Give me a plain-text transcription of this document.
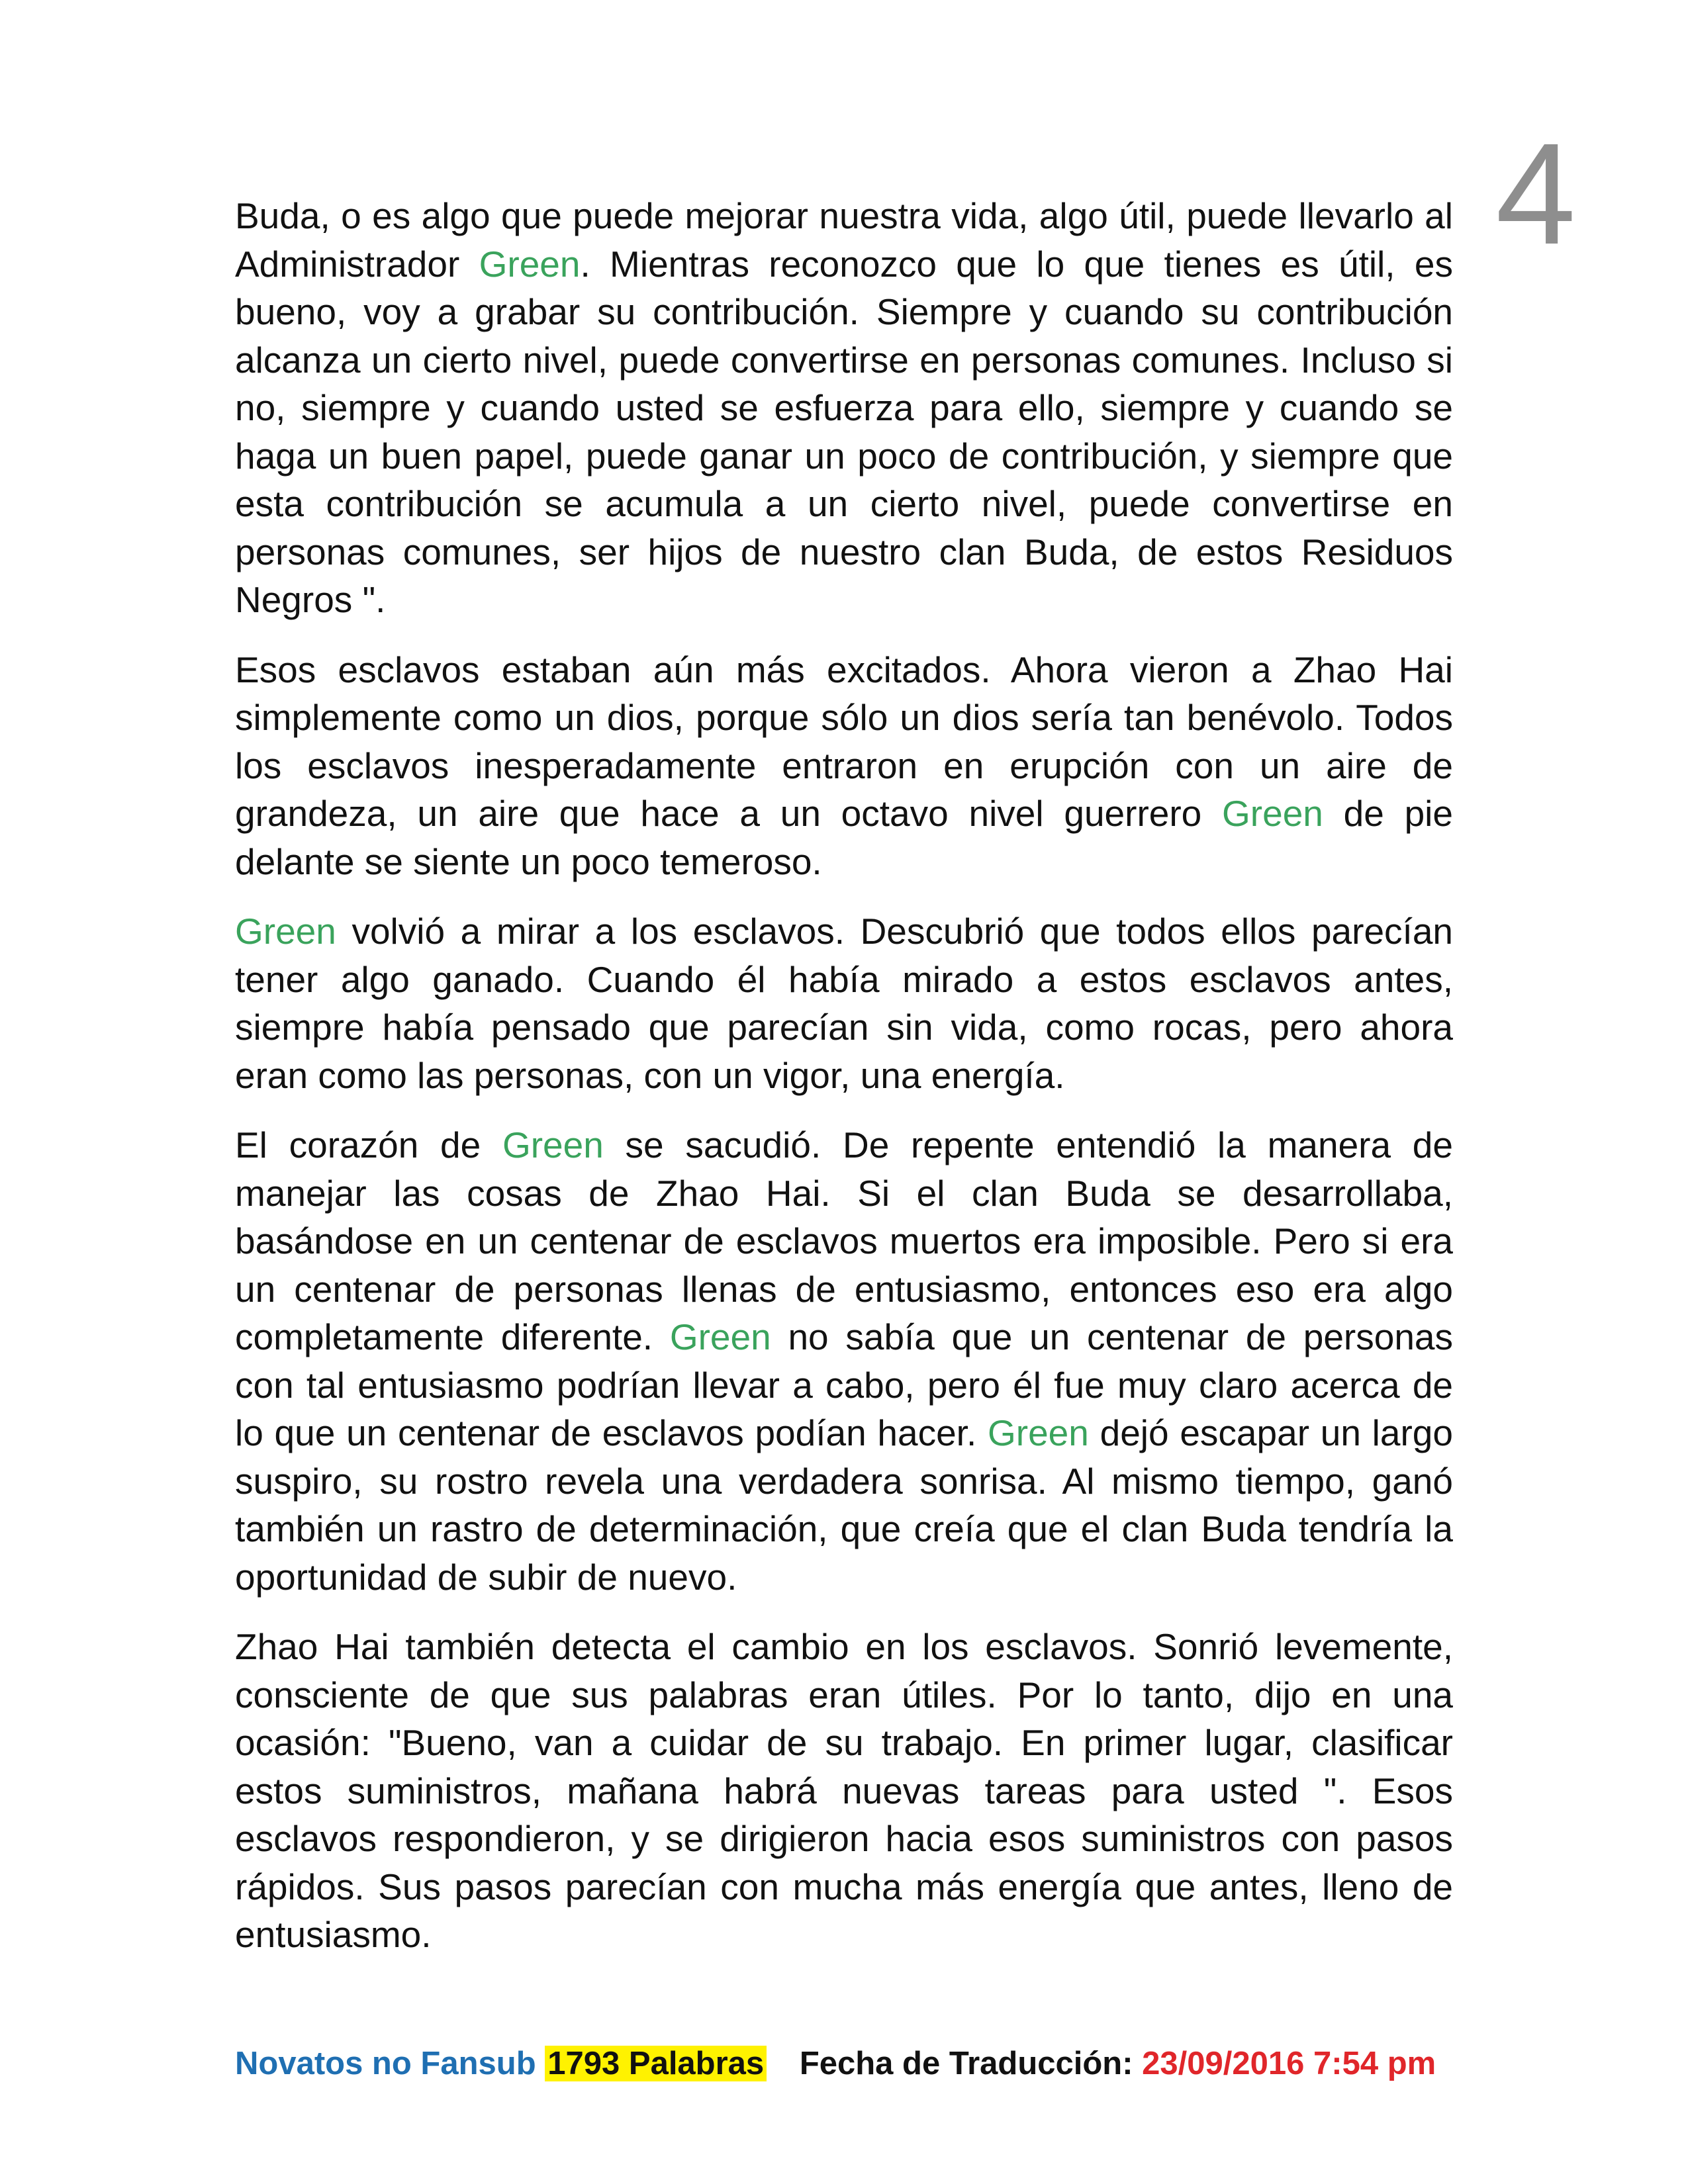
4

Buda, o es algo que puede mejorar nuestra vida, algo útil, puede llevarlo al Administrador Green. Mientras reconozco que lo que tienes es útil, es bueno, voy a grabar su contribución. Siempre y cuando su contribución alcanza un cierto nivel, puede convertirse en personas comunes. Incluso si no, siempre y cuando usted se esfuerza para ello, siempre y cuando se haga un buen papel, puede ganar un poco de contribución, y siempre que esta contribución se acumula a un cierto nivel, puede convertirse en personas comunes, ser hijos de nuestro clan Buda, de estos Residuos Negros ".

Esos esclavos estaban aún más excitados. Ahora vieron a Zhao Hai simplemente como un dios, porque sólo un dios sería tan benévolo. Todos los esclavos inesperadamente entraron en erupción con un aire de grandeza, un aire que hace a un octavo nivel guerrero Green de pie delante se siente un poco temeroso.

Green volvió a mirar a los esclavos. Descubrió que todos ellos parecían tener algo ganado. Cuando él había mirado a estos esclavos antes, siempre había pensado que parecían sin vida, como rocas, pero ahora eran como las personas, con un vigor, una energía.

El corazón de Green se sacudió. De repente entendió la manera de manejar las cosas de Zhao Hai. Si el clan Buda se desarrollaba, basándose en un centenar de esclavos muertos era imposible. Pero si era un centenar de personas llenas de entusiasmo, entonces eso era algo completamente diferente. Green no sabía que un centenar de personas con tal entusiasmo podrían llevar a cabo, pero él fue muy claro acerca de lo que un centenar de esclavos podían hacer. Green dejó escapar un largo suspiro, su rostro revela una verdadera sonrisa. Al mismo tiempo, ganó también un rastro de determinación, que creía que el clan Buda tendría la oportunidad de subir de nuevo.

Zhao Hai también detecta el cambio en los esclavos. Sonrió levemente, consciente de que sus palabras eran útiles. Por lo tanto, dijo en una ocasión: "Bueno, van a cuidar de su trabajo. En primer lugar, clasificar estos suministros, mañana habrá nuevas tareas para usted ". Esos esclavos respondieron, y se dirigieron hacia esos suministros con pasos rápidos. Sus pasos parecían con mucha más energía que antes, lleno de entusiasmo.

Novatos no Fansub 1793 Palabras Fecha de Traducción: 23/09/2016 7:54 pm
